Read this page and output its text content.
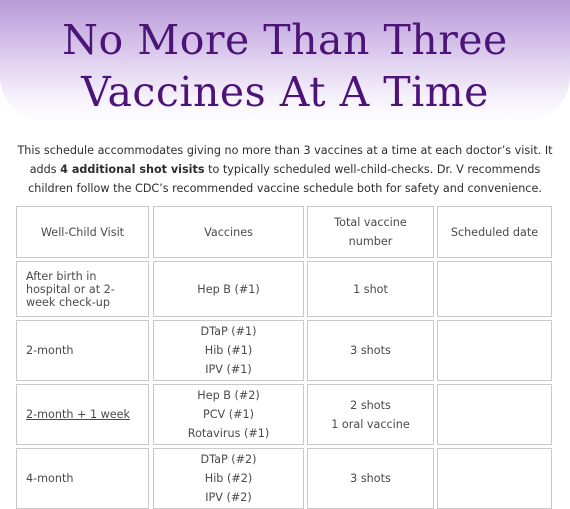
No More Than Three
Vaccines At A Time
This schedule accommodates giving no more than 3 vaccines at a time at each doctor’s visit. It adds 4 additional shot visits to typically scheduled well-child-checks. Dr. V recommends children follow the CDC’s recommended vaccine schedule both for safety and convenience.
Well-Child Visit	Vaccines
Total vaccine number
Scheduled date
After birth in hospital or at 2-week check-up
Hep B (#1)	1 shot
2-month
DTaP (#1)
Hib (#1)
IPV (#1)
3 shots
2-month + 1 week
Hep B (#2)
PCV (#1)
Rotavirus (#1)
2 shots
1 oral vaccine
4-month
DTaP (#2)
Hib (#2)
IPV (#2)
3 shots
